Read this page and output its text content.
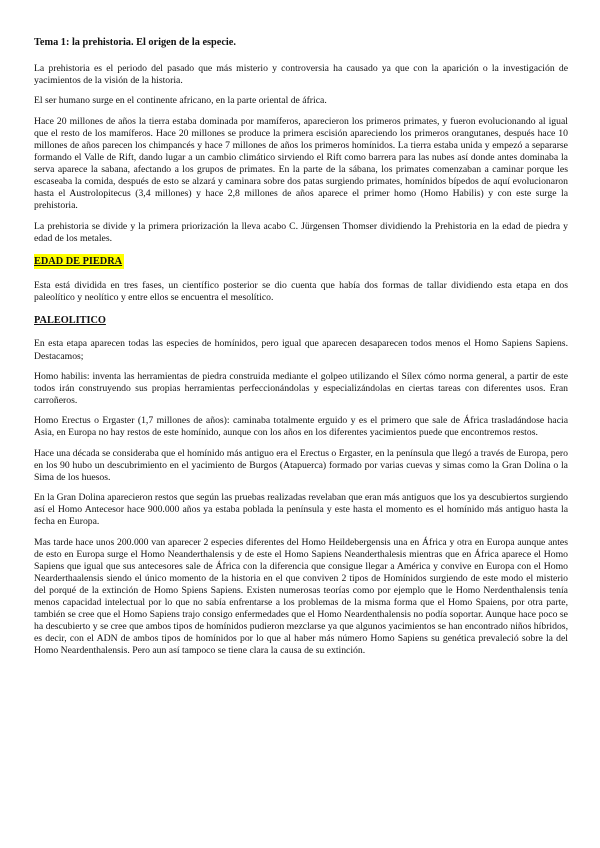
Tema 1: la prehistoria. El origen de la especie.

La prehistoria es el periodo del pasado que más misterio y controversia ha causado ya que con la aparición o la investigación de yacimientos de la visión de la historia.

El ser humano surge en el continente africano, en la parte oriental de áfrica.

Hace 20 millones de años la tierra estaba dominada por mamíferos, aparecieron los primeros primates, y fueron evolucionando al igual que el resto de los mamíferos. Hace 20 millones se produce la primera escisión apareciendo los primeros orangutanes, después hace 10 millones de años parecen los chimpancés y hace 7 millones de años los primeros homínidos. La tierra estaba unida y empezó a separarse formando el Valle de Rift, dando lugar a un cambio climático sirviendo el Rift como barrera para las nubes así donde antes dominaba la serva aparece la sabana, afectando a los grupos de primates. En la parte de la sábana, los primates comenzaban a caminar porque les escaseaba la comida, después de esto se alzará y caminara sobre dos patas surgiendo primates, homínidos bípedos de aquí evolucionaron hasta el Austrolopitecus (3,4 millones) y hace 2,8 millones de años aparece el primer homo (Homo Habilis) y con este surge la prehistoria.

La prehistoria se divide y la primera priorización la lleva acabo C. Jürgensen Thomser dividiendo la Prehistoria en la edad de piedra y edad de los metales.

EDAD DE PIEDRA

Esta está dividida en tres fases, un científico posterior se dio cuenta que había dos formas de tallar dividiendo esta etapa en dos paleolítico y neolítico y entre ellos se encuentra el mesolítico.

PALEOLITICO

En esta etapa aparecen todas las especies de homínidos, pero igual que aparecen desaparecen todos menos el Homo Sapiens Sapiens. Destacamos;

Homo habilis: inventa las herramientas de piedra construida mediante el golpeo utilizando el Sílex cómo norma general, a partir de este todos irán construyendo sus propias herramientas perfeccionándolas y especializándolas en ciertas tareas con diferentes usos. Eran carroñeros.

Homo Erectus o Ergaster (1,7 millones de años): caminaba totalmente erguido y es el primero que sale de África trasladándose hacia Asia, en Europa no hay restos de este homínido, aunque con los años en los diferentes yacimientos puede que encontremos restos.

Hace una década se consideraba que el homínido más antiguo era el Erectus o Ergaster, en la península que llegó a través de Europa, pero en los 90 hubo un descubrimiento en el yacimiento de Burgos (Atapuerca) formado por varias cuevas y simas como la Gran Dolina o la Sima de los huesos.

En la Gran Dolina aparecieron restos que según las pruebas realizadas revelaban que eran más antiguos que los ya descubiertos surgiendo así el Homo Antecesor hace 900.000 años ya estaba poblada la península y este hasta el momento es el homínido más antiguo hasta la fecha en Europa.

Mas tarde hace unos 200.000 van aparecer 2 especies diferentes del Homo Heildebergensis una en África y otra en Europa aunque antes de esto en Europa surge el Homo Neanderthalensis y de este el Homo Sapiens Neanderthalesis mientras que en África aparece el Homo Sapiens que igual que sus antecesores sale de África con la diferencia que consigue llegar a América y convive en Europa con el Homo Nearderthaalensis siendo el único momento de la historia en el que conviven 2 tipos de Homínidos surgiendo de este modo el misterio del porqué de la extinción de Homo Spiens Sapiens. Existen numerosas teorías como por ejemplo que le Homo Nerdenthalensis tenía menos capacidad intelectual por lo que no sabía enfrentarse a los problemas de la misma forma que el Homo Spaiens, por otra parte, también se cree que el Homo Sapiens trajo consigo enfermedades que el Homo Neardenthalensis no podía soportar. Aunque hace poco se ha descubierto y se cree que ambos tipos de homínidos pudieron mezclarse ya que algunos yacimientos se han encontrado niños híbridos, es decir, con el ADN de ambos tipos de homínidos por lo que al haber más número Homo Sapiens su genética prevaleció sobre la del Homo Neardenthalensis. Pero aun así tampoco se tiene clara la causa de su extinción.
